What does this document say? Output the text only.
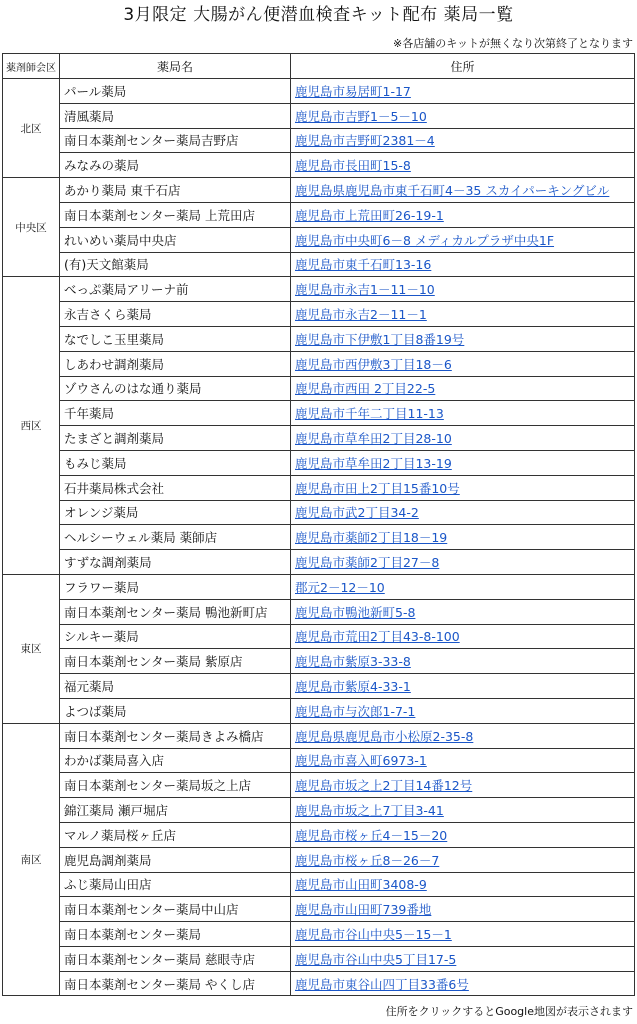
3月限定 大腸がん便潜血検査キット配布 薬局一覧
※各店舗のキットが無くなり次第終了となります
薬剤師会区	薬局名	住所
北区	パール薬局	鹿児島市易居町1-17
	清風薬局	鹿児島市吉野1－5－10
	南日本薬剤センター薬局吉野店	鹿児島市吉野町2381－4
	みなみの薬局	鹿児島市長田町15-8
中央区	あかり薬局 東千石店	鹿児島県鹿児島市東千石町4－35 スカイパーキングビル
	南日本薬剤センター薬局 上荒田店	鹿児島市上荒田町26-19-1
	れいめい薬局中央店	鹿児島市中央町6－8 メディカルプラザ中央1F
	(有)天文館薬局	鹿児島市東千石町13-16
西区	べっぷ薬局アリーナ前	鹿児島市永吉1－11－10
	永吉さくら薬局	鹿児島市永吉2－11－1
	なでしこ玉里薬局	鹿児島市下伊敷1丁目8番19号
	しあわせ調剤薬局	鹿児島市西伊敷3丁目18－6
	ゾウさんのはな通り薬局	鹿児島市西田 2丁目22-5
	千年薬局	鹿児島市千年二丁目11-13
	たまざと調剤薬局	鹿児島市草牟田2丁目28-10
	もみじ薬局	鹿児島市草牟田2丁目13-19
	石井薬局株式会社	鹿児島市田上2丁目15番10号
	オレンジ薬局	鹿児島市武2丁目34-2
	ヘルシーウェル薬局 薬師店	鹿児島市薬師2丁目18－19
	すずな調剤薬局	鹿児島市薬師2丁目27－8
東区	フラワー薬局	郡元2－12－10
	南日本薬剤センター薬局 鴨池新町店	鹿児島市鴨池新町5-8
	シルキー薬局	鹿児島市荒田2丁目43-8-100
	南日本薬剤センター薬局 紫原店	鹿児島市紫原3-33-8
	福元薬局	鹿児島市紫原4-33-1
	よつば薬局	鹿児島市与次郎1-7-1
南区	南日本薬剤センター薬局きよみ橋店	鹿児島県鹿児島市小松原2-35-8
	わかば薬局喜入店	鹿児島市喜入町6973-1
	南日本薬剤センター薬局坂之上店	鹿児島市坂之上2丁目14番12号
	錦江薬局 瀬戸堀店	鹿児島市坂之上7丁目3-41
	マルノ薬局桜ヶ丘店	鹿児島市桜ヶ丘4－15－20
	鹿児島調剤薬局	鹿児島市桜ヶ丘8－26－7
	ふじ薬局山田店	鹿児島市山田町3408-9
	南日本薬剤センター薬局中山店	鹿児島市山田町739番地
	南日本薬剤センター薬局	鹿児島市谷山中央5－15－1
	南日本薬剤センター薬局 慈眼寺店	鹿児島市谷山中央5丁目17-5
	南日本薬剤センター薬局 やくし店	鹿児島市東谷山四丁目33番6号
住所をクリックするとGoogle地図が表示されます
